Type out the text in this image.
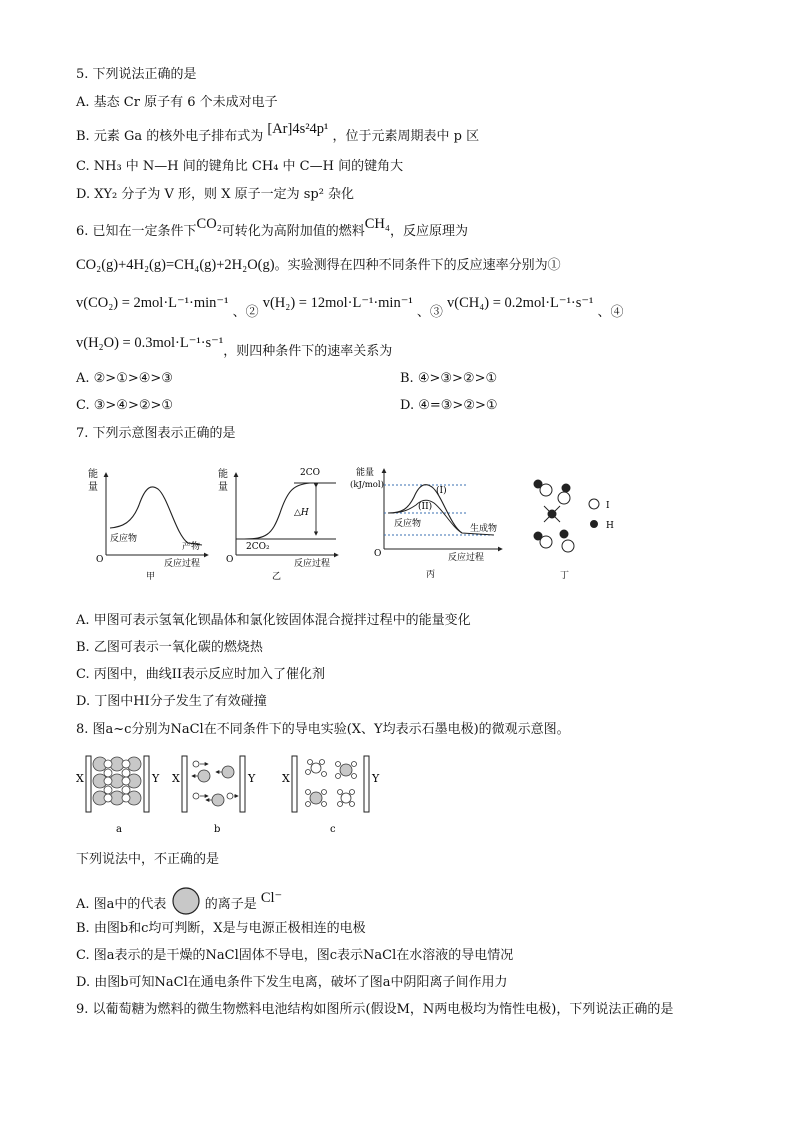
5. 下列说法正确的是
A. 基态 Cr 原子有 6 个未成对电子
B. 元素 Ga 的核外电子排布式为 [Ar]4s²4p¹ ，位于元素周期表中 p 区
C. NH₃ 中 N—H 间的键角比 CH₄ 中 C—H 间的键角大
D. XY₂ 分子为 V 形，则 X 原子一定为 sp² 杂化
6. 已知在一定条件下CO₂可转化为高附加值的燃料CH₄，反应原理为
CO₂(g)+4H₂(g)=CH₄(g)+2H₂O(g)。实验测得在四种不同条件下的反应速率分别为①
v(CO₂) = 2mol·L⁻¹·min⁻¹ 、② v(H₂) = 12mol·L⁻¹·min⁻¹ 、③ v(CH₄) = 0.2mol·L⁻¹·s⁻¹ 、④
v(H₂O) = 0.3mol·L⁻¹·s⁻¹，则四种条件下的速率关系为
A. ②>①>④>③	B. ④>③>②>①
C. ③>④>②>①	D. ④=③>②>①
7. 下列示意图表示正确的是
能
量
反应物
产物
O	反应过程
甲
能
量
2CO
2CO₂
△H
O	反应过程
乙
能量
(kJ/mol)
(I)
(II)
反应物	生成物
O	反应过程
丙
I
H
丁
A. 甲图可表示氢氧化钡晶体和氯化铵固体混合搅拌过程中的能量变化
B. 乙图可表示一氧化碳的燃烧热
C. 丙图中，曲线II表示反应时加入了催化剂
D. 丁图中HI分子发生了有效碰撞
8. 图a~c分别为NaCl在不同条件下的导电实验(X、Y均表示石墨电极)的微观示意图。
X	Y
a
X	Y
b
X	Y
c
下列说法中，不正确的是
A. 图a中的代表	的离子是 Cl⁻
B. 由图b和c均可判断，X是与电源正极相连的电极
C. 图a表示的是干燥的NaCl固体不导电，图c表示NaCl在水溶液的导电情况
D. 由图b可知NaCl在通电条件下发生电离，破坏了图a中阴阳离子间作用力
9. 以葡萄糖为燃料的微生物燃料电池结构如图所示(假设M，N两电极均为惰性电极)，下列说法正确的是
